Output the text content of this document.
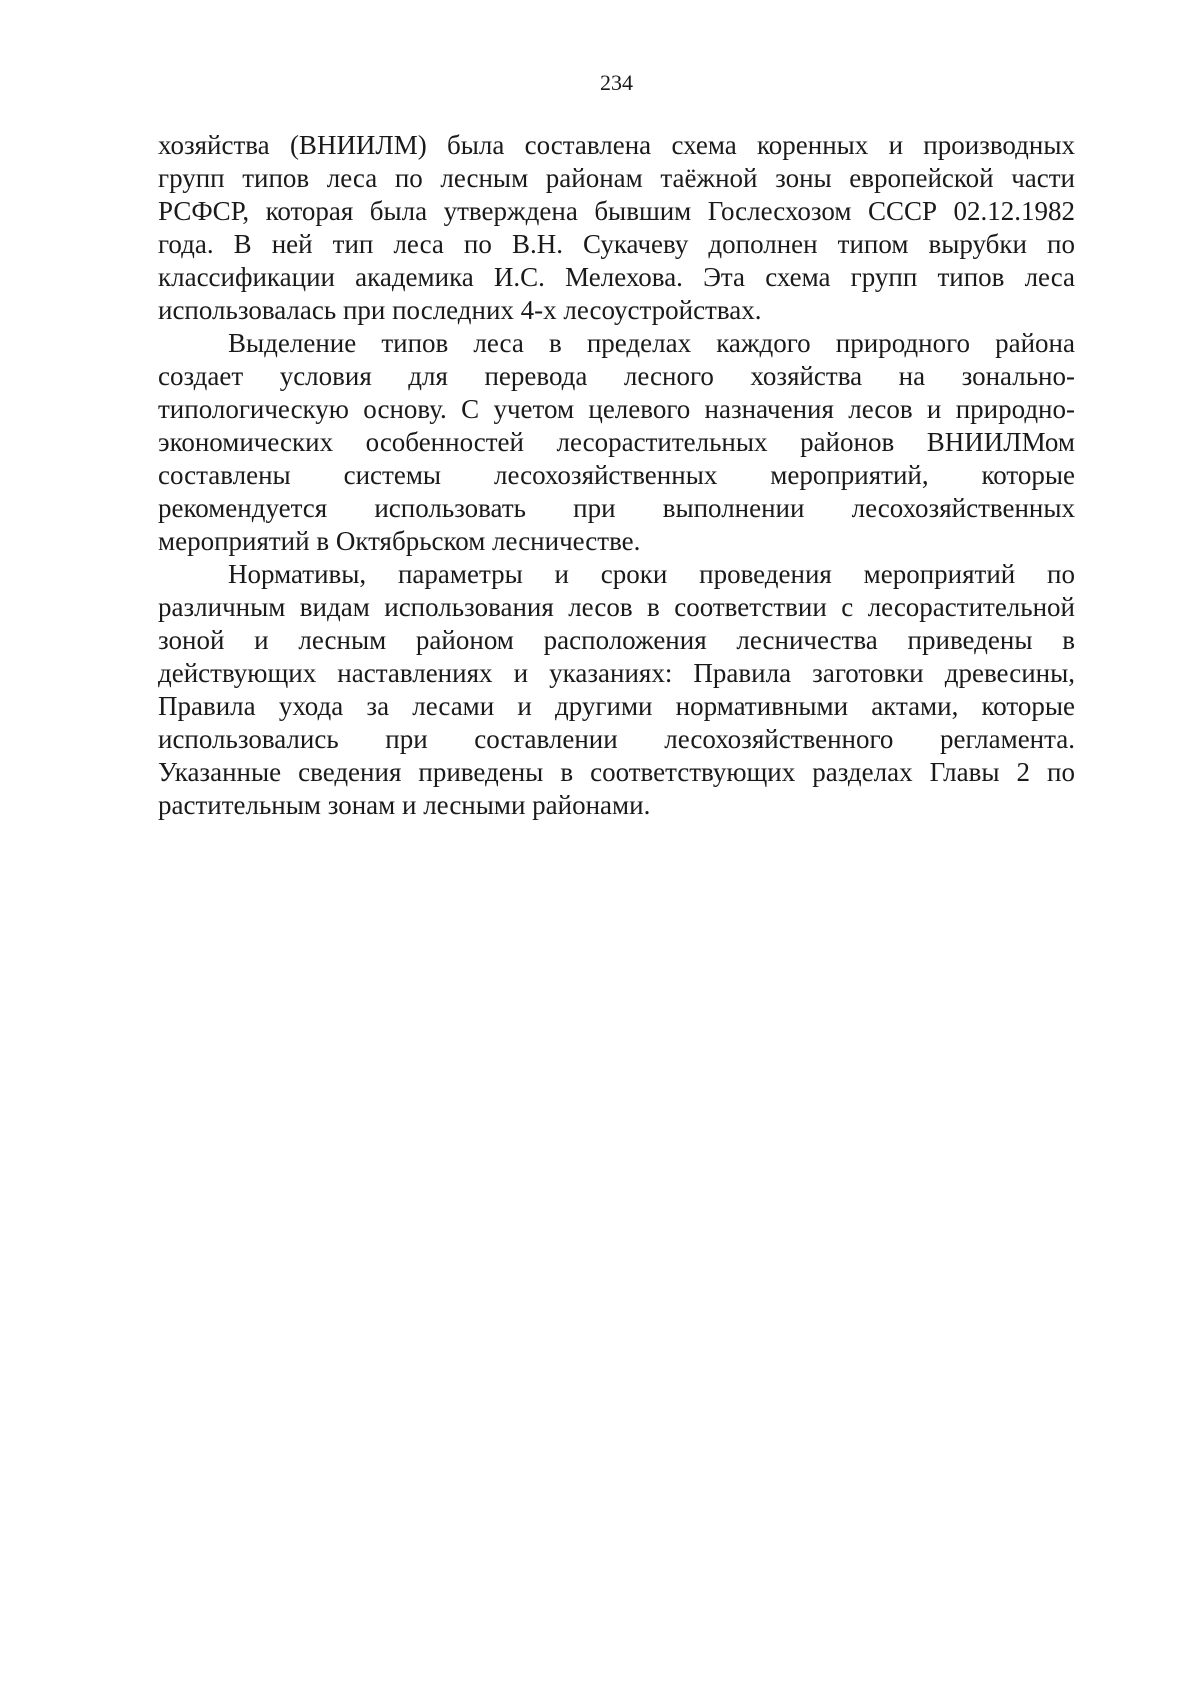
234
хозяйства (ВНИИЛМ) была составлена схема коренных и производных
групп типов леса по лесным районам таёжной зоны европейской части
РСФСР, которая была утверждена бывшим Гослесхозом СССР 02.12.1982
года. В ней тип леса по В.Н. Сукачеву дополнен типом вырубки по
классификации академика И.С. Мелехова. Эта схема групп типов леса
использовалась при последних 4-х лесоустройствах.
Выделение типов леса в пределах каждого природного района
создает условия для перевода лесного хозяйства на зонально-
типологическую основу. С учетом целевого назначения лесов и природно-
экономических особенностей лесорастительных районов ВНИИЛМом
составлены системы лесохозяйственных мероприятий, которые
рекомендуется использовать при выполнении лесохозяйственных
мероприятий в Октябрьском лесничестве.
Нормативы, параметры и сроки проведения мероприятий по
различным видам использования лесов в соответствии с лесорастительной
зоной и лесным районом расположения лесничества приведены в
действующих наставлениях и указаниях: Правила заготовки древесины,
Правила ухода за лесами и другими нормативными актами, которые
использовались при составлении лесохозяйственного регламента.
Указанные сведения приведены в соответствующих разделах Главы 2 по
растительным зонам и лесными районами.
